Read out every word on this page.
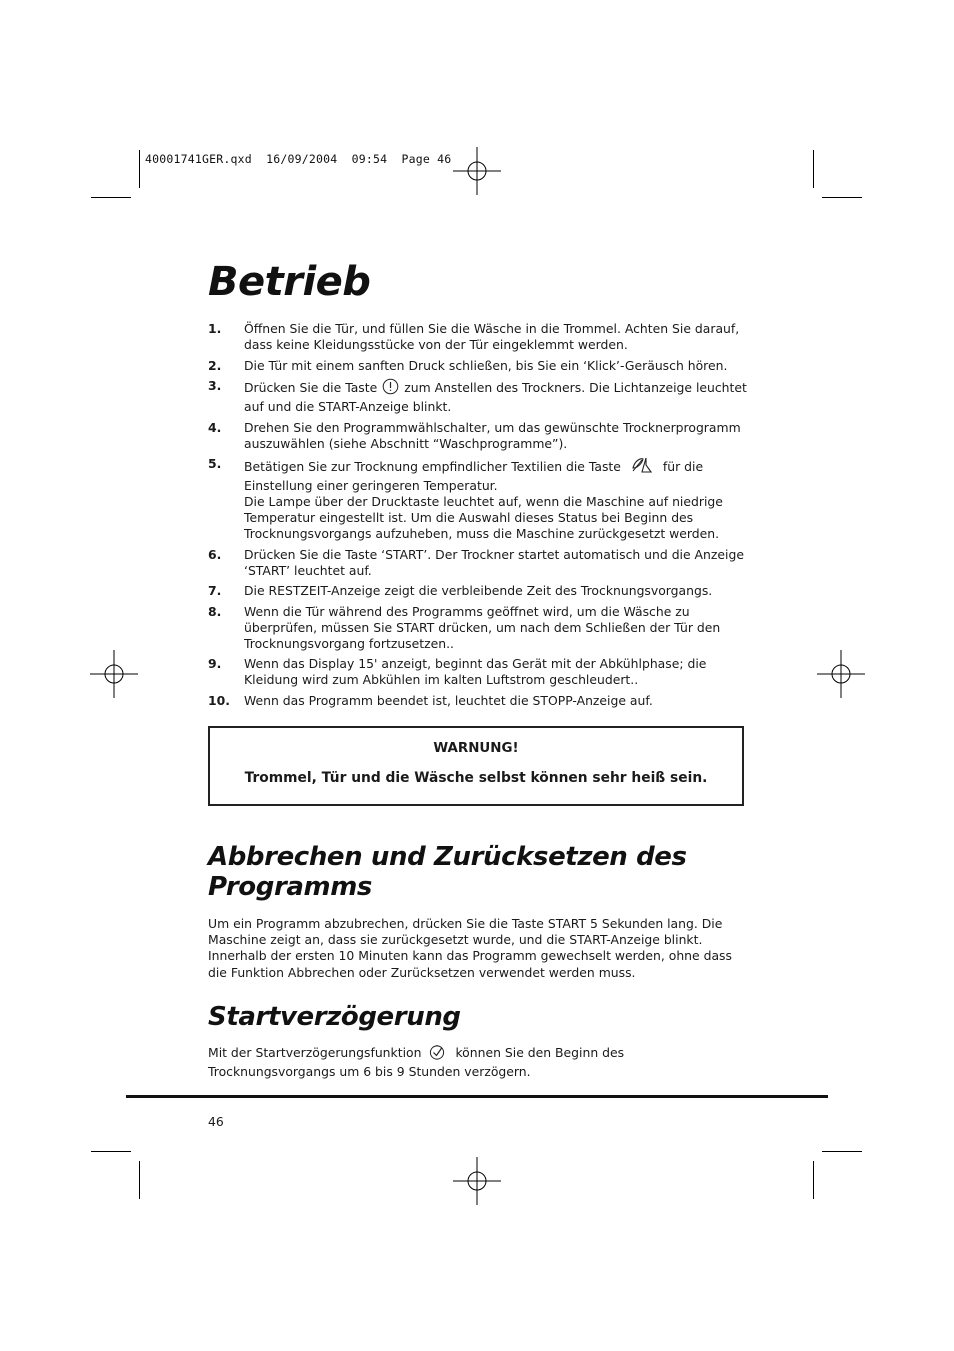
40001741GER.qxd  16/09/2004  09:54  Page 46
Betrieb
1. Öffnen Sie die Tür, und füllen Sie die Wäsche in die Trommel. Achten Sie darauf, dass keine Kleidungsstücke von der Tür eingeklemmt werden.
2. Die Tür mit einem sanften Druck schließen, bis Sie ein ‘Klick’-Geräusch hören.
3. Drücken Sie die Taste zum Anstellen des Trockners. Die Lichtanzeige leuchtet auf und die START-Anzeige blinkt.
4. Drehen Sie den Programmwählschalter, um das gewünschte Trocknerprogramm auszuwählen (siehe Abschnitt “Waschprogramme”).
5. Betätigen Sie zur Trocknung empfindlicher Textilien die Taste	für die Einstellung einer geringeren Temperatur.
Die Lampe über der Drucktaste leuchtet auf, wenn die Maschine auf niedrige Temperatur eingestellt ist. Um die Auswahl dieses Status bei Beginn des Trocknungsvorgangs aufzuheben, muss die Maschine zurückgesetzt werden.
6. Drücken Sie die Taste ‘START’. Der Trockner startet automatisch und die Anzeige ‘START’ leuchtet auf.
7. Die RESTZEIT-Anzeige zeigt die verbleibende Zeit des Trocknungsvorgangs.
8. Wenn die Tür während des Programms geöffnet wird, um die Wäsche zu überprüfen, müssen Sie START drücken, um nach dem Schließen der Tür den Trocknungsvorgang fortzusetzen..
9. Wenn das Display 15' anzeigt, beginnt das Gerät mit der Abkühlphase; die Kleidung wird zum Abkühlen im kalten Luftstrom geschleudert..
10. Wenn das Programm beendet ist, leuchtet die STOPP-Anzeige auf.
WARNUNG!
Trommel, Tür und die Wäsche selbst können sehr heiß sein.
Abbrechen und Zurücksetzen des Programms

Um ein Programm abzubrechen, drücken Sie die Taste START 5 Sekunden lang. Die Maschine zeigt an, dass sie zurückgesetzt wurde, und die START-Anzeige blinkt. Innerhalb der ersten 10 Minuten kann das Programm gewechselt werden, ohne dass die Funktion Abbrechen oder Zurücksetzen verwendet werden muss.

Startverzögerung

Mit der Startverzögerungsfunktion	können Sie den Beginn des Trocknungsvorgangs um 6 bis 9 Stunden verzögern.

46
